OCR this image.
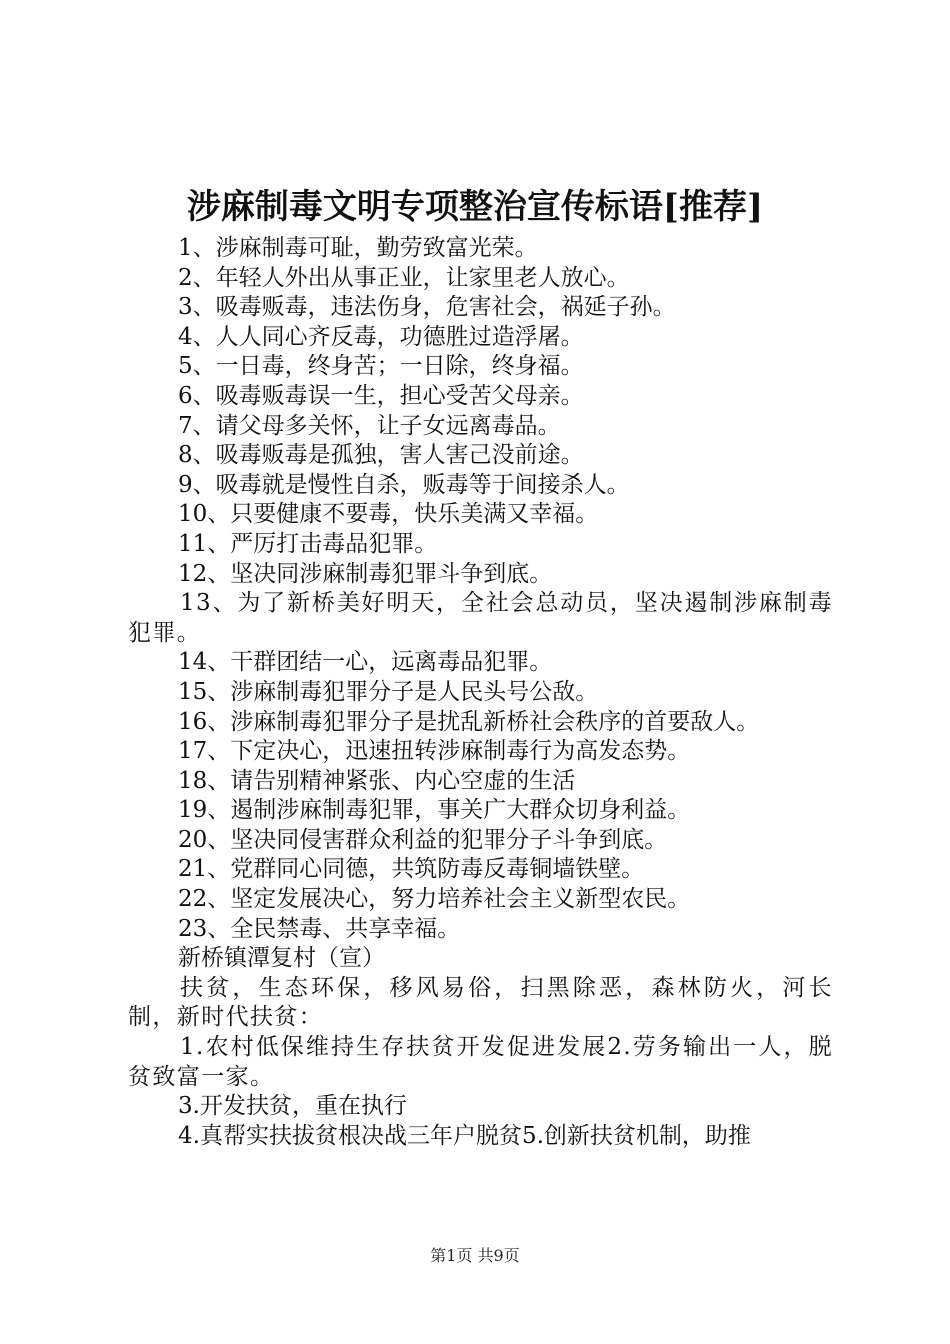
涉麻制毒文明专项整治宣传标语[推荐]
1、涉麻制毒可耻，勤劳致富光荣。
2、年轻人外出从事正业，让家里老人放心。
3、吸毒贩毒，违法伤身，危害社会，祸延子孙。
4、人人同心齐反毒，功德胜过造浮屠。
5、一日毒，终身苦；一日除，终身福。
6、吸毒贩毒误一生，担心受苦父母亲。
7、请父母多关怀，让子女远离毒品。
8、吸毒贩毒是孤独，害人害己没前途。
9、吸毒就是慢性自杀，贩毒等于间接杀人。
10、只要健康不要毒，快乐美满又幸福。
11、严厉打击毒品犯罪。
12、坚决同涉麻制毒犯罪斗争到底。
13、为了新桥美好明天，全社会总动员，坚决遏制涉麻制毒犯罪。
14、干群团结一心，远离毒品犯罪。
15、涉麻制毒犯罪分子是人民头号公敌。
16、涉麻制毒犯罪分子是扰乱新桥社会秩序的首要敌人。
17、下定决心，迅速扭转涉麻制毒行为高发态势。
18、请告别精神紧张、内心空虚的生活
19、遏制涉麻制毒犯罪，事关广大群众切身利益。
20、坚决同侵害群众利益的犯罪分子斗争到底。
21、党群同心同德，共筑防毒反毒铜墙铁壁。
22、坚定发展决心，努力培养社会主义新型农民。
23、全民禁毒、共享幸福。
新桥镇潭复村（宣）
扶贫，生态环保，移风易俗，扫黑除恶，森林防火，河长制，新时代扶贫：
1.农村低保维持生存扶贫开发促进发展2.劳务输出一人，脱贫致富一家。
3.开发扶贫，重在执行
4.真帮实扶拔贫根决战三年户脱贫5.创新扶贫机制，助推
第1页 共9页
